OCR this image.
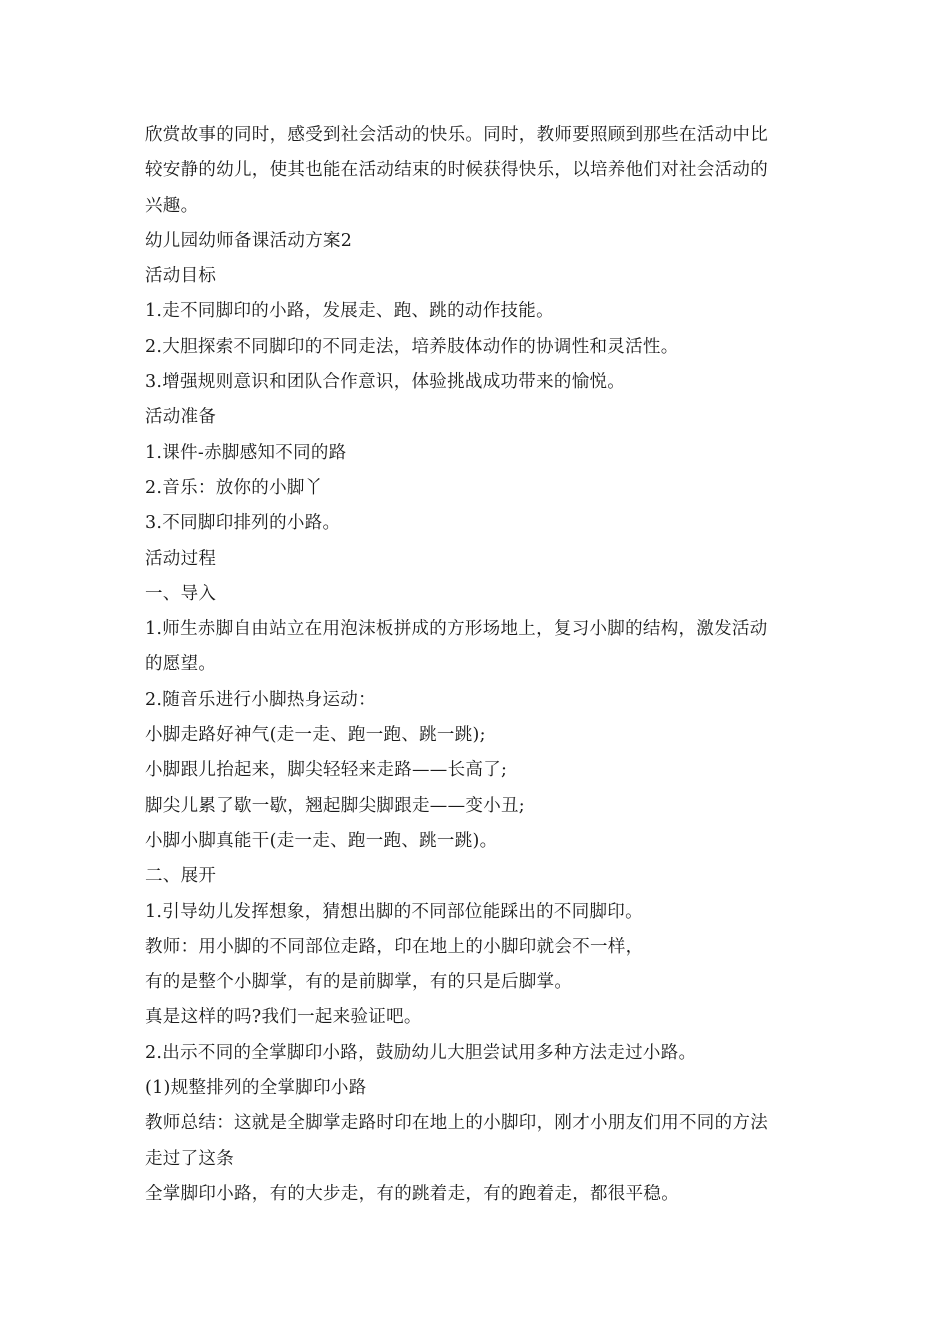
欣赏故事的同时，感受到社会活动的快乐。同时，教师要照顾到那些在活动中比
较安静的幼儿，使其也能在活动结束的时候获得快乐，以培养他们对社会活动的
兴趣。
幼儿园幼师备课活动方案2
活动目标
1.走不同脚印的小路，发展走、跑、跳的动作技能。
2.大胆探索不同脚印的不同走法，培养肢体动作的协调性和灵活性。
3.增强规则意识和团队合作意识，体验挑战成功带来的愉悦。
活动准备
1.课件-赤脚感知不同的路
2.音乐：放你的小脚丫
3.不同脚印排列的小路。
活动过程
一、导入
1.师生赤脚自由站立在用泡沫板拼成的方形场地上，复习小脚的结构，激发活动
的愿望。
2.随音乐进行小脚热身运动：
小脚走路好神气(走一走、跑一跑、跳一跳);
小脚跟儿抬起来，脚尖轻轻来走路——长高了;
脚尖儿累了歇一歇，翘起脚尖脚跟走——变小丑;
小脚小脚真能干(走一走、跑一跑、跳一跳)。
二、展开
1.引导幼儿发挥想象，猜想出脚的不同部位能踩出的不同脚印。
教师：用小脚的不同部位走路，印在地上的小脚印就会不一样，
有的是整个小脚掌，有的是前脚掌，有的只是后脚掌。
真是这样的吗?我们一起来验证吧。
2.出示不同的全掌脚印小路，鼓励幼儿大胆尝试用多种方法走过小路。
(1)规整排列的全掌脚印小路
教师总结：这就是全脚掌走路时印在地上的小脚印，刚才小朋友们用不同的方法
走过了这条
全掌脚印小路，有的大步走，有的跳着走，有的跑着走，都很平稳。
